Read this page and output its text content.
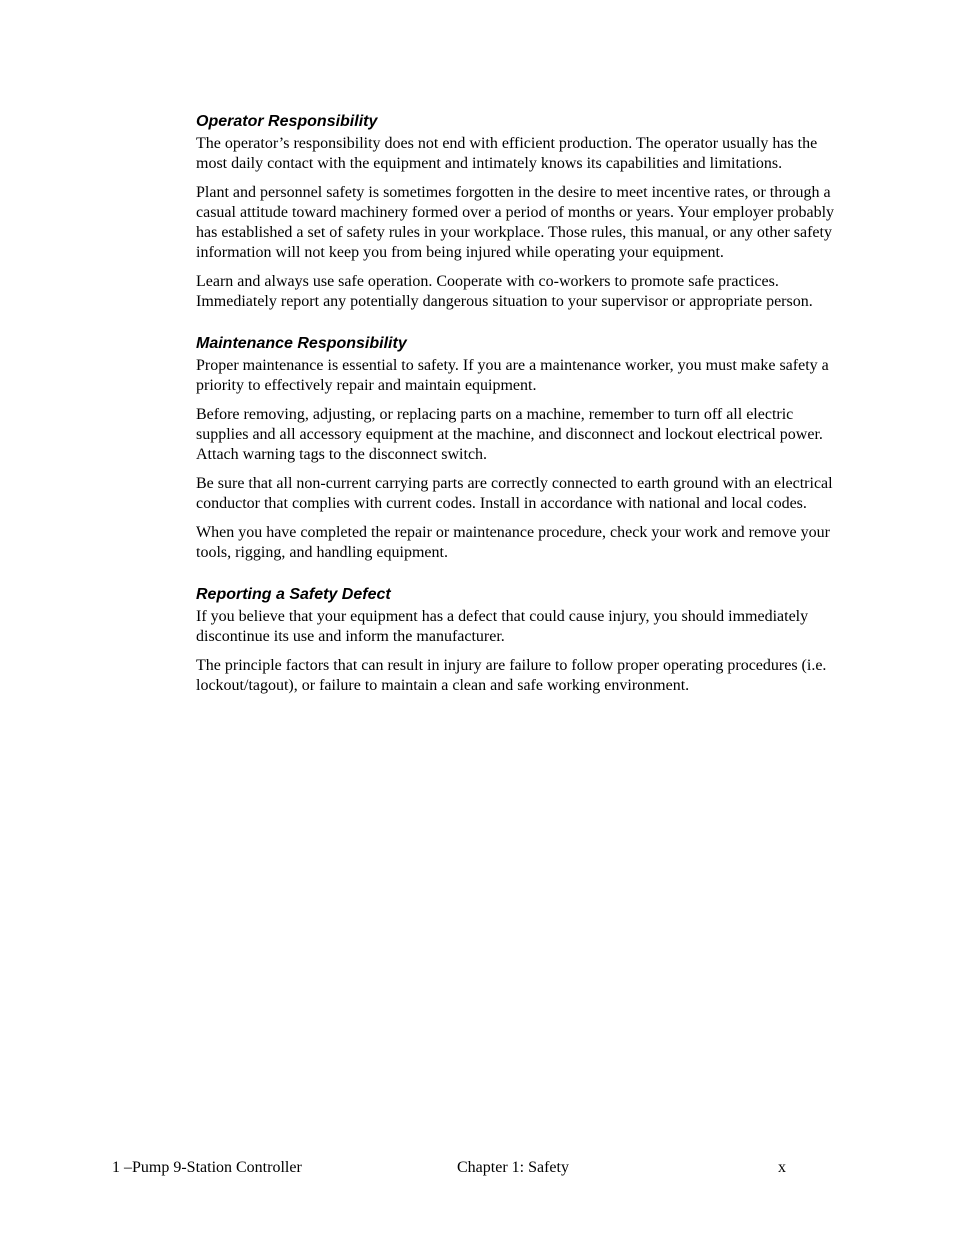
Operator Responsibility

The operator’s responsibility does not end with efficient production. The operator usually has the most daily contact with the equipment and intimately knows its capabilities and limitations.

Plant and personnel safety is sometimes forgotten in the desire to meet incentive rates, or through a casual attitude toward machinery formed over a period of months or years. Your employer probably has established a set of safety rules in your workplace. Those rules, this manual, or any other safety information will not keep you from being injured while operating your equipment.

Learn and always use safe operation. Cooperate with co-workers to promote safe practices. Immediately report any potentially dangerous situation to your supervisor or appropriate person.

Maintenance Responsibility

Proper maintenance is essential to safety. If you are a maintenance worker, you must make safety a priority to effectively repair and maintain equipment.

Before removing, adjusting, or replacing parts on a machine, remember to turn off all electric supplies and all accessory equipment at the machine, and disconnect and lockout electrical power. Attach warning tags to the disconnect switch.

Be sure that all non-current carrying parts are correctly connected to earth ground with an electrical conductor that complies with current codes. Install in accordance with national and local codes.

When you have completed the repair or maintenance procedure, check your work and remove your tools, rigging, and handling equipment.

Reporting a Safety Defect

If you believe that your equipment has a defect that could cause injury, you should immediately discontinue its use and inform the manufacturer.

The principle factors that can result in injury are failure to follow proper operating procedures (i.e. lockout/tagout), or failure to maintain a clean and safe working environment.

1 –Pump 9-Station Controller	Chapter 1: Safety	x
